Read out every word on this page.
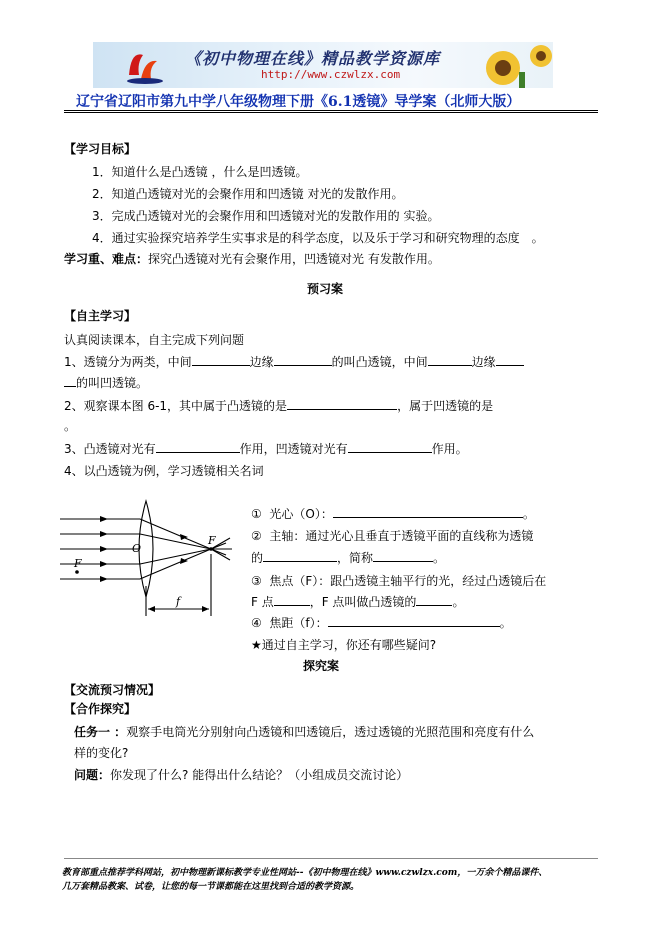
《初中物理在线》精品教学资源库
http://www.czwlzx.com
辽宁省辽阳市第九中学八年级物理下册《6.1透镜》导学案（北师大版）
【学习目标】
1．知道什么是凸透镜 ，什么是凹透镜。
2．知道凸透镜对光的会聚作用和凹透镜 对光的发散作用。
3．完成凸透镜对光的会聚作用和凹透镜对光的发散作用的 实验。
4．通过实验探究培养学生实事求是的科学态度，以及乐于学习和研究物理的态度　。
学习重、难点：探究凸透镜对光有会聚作用，凹透镜对光 有发散作用。
预习案
【自主学习】
认真阅读课本，自主完成下列问题
1、透镜分为两类，中间	边缘	的叫凸透镜，中间	边缘
的叫凹透镜。
2、观察课本图 6-1，其中属于凸透镜的是	，属于凹透镜的是
。
3、凸透镜对光有	作用，凹透镜对光有	作用。
4、以凸透镜为例，学习透镜相关名词
O
F
F
f
① 光心（O）：	。
② 主轴：通过光心且垂直于透镜平面的直线称为透镜
的	，简称	。
③ 焦点（F）：跟凸透镜主轴平行的光，经过凸透镜后在
F 点	，F 点叫做凸透镜的	。
④ 焦距（f）：	。
★通过自主学习，你还有哪些疑问?
探究案
【交流预习情况】
【合作探究】
任务一 ：观察手电筒光分别射向凸透镜和凹透镜后，透过透镜的光照范围和亮度有什么
样的变化?
问题：你发现了什么? 能得出什么结论？（小组成员交流讨论）
教育部重点推荐学科网站，初中物理新课标教学专业性网站--《初中物理在线》www.czwlzx.com，一万余个精品课件、
几万套精品教案、试卷，让您的每一节课都能在这里找到合适的教学资源。
